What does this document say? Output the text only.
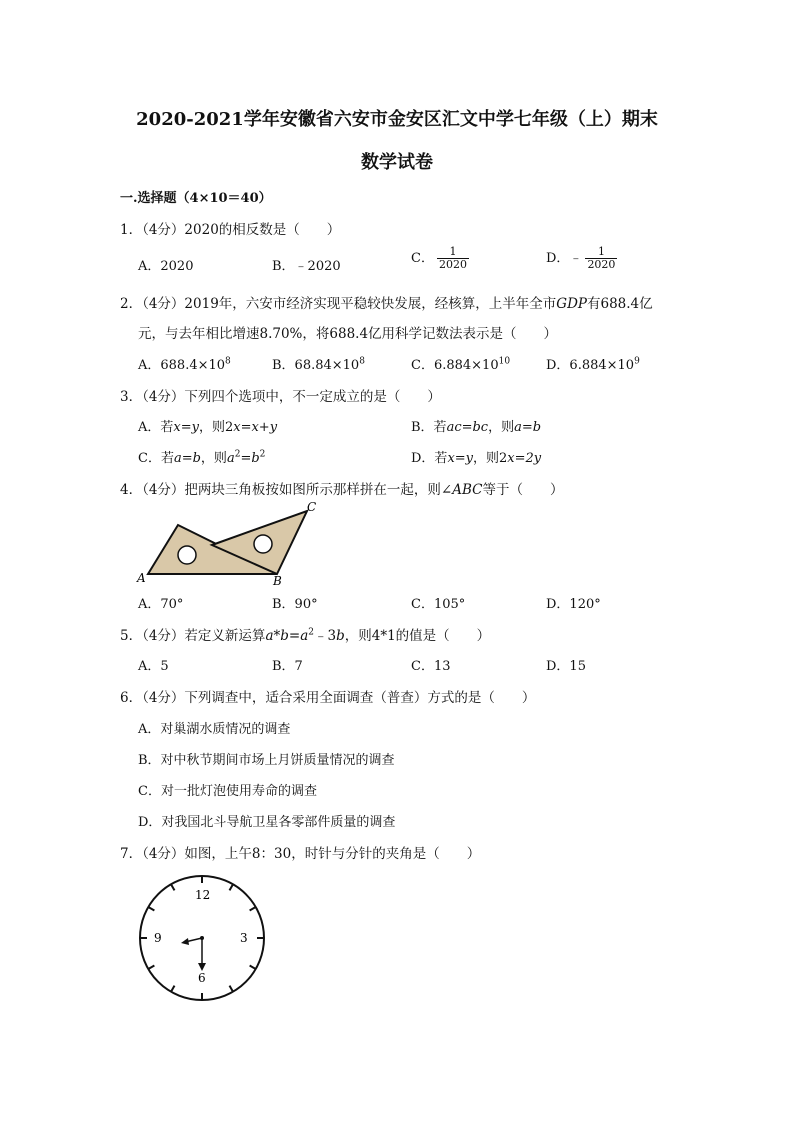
2020-2021学年安徽省六安市金安区汇文中学七年级（上）期末
数学试卷
一.选择题（4×10＝40）
1．（4分）2020的相反数是（　　）
A．2020	B．﹣2020
C． $\frac{1}{2020}$	D．﹣ $\frac{1}{2020}$
2．（4分）2019年，六安市经济实现平稳较快发展，经核算，上半年全市GDP有688.4亿
元，与去年相比增速8.70%，将688.4亿用科学记数法表示是（　　）
A．$688.4\times 10^8$	B．$68.84\times 10^8$	C．$6.884\times 10^{10}$	D．$6.884\times 10^9$
3．（4分）下列四个选项中，不一定成立的是（　　）
A．若x=y，则2x=x+y	B．若ac=bc，则a=b
C．若a=b，则$a^2=b^2$	D．若x=y，则2x=2y
4．（4分）把两块三角板按如图所示那样拼在一起，则∠ABC等于（　　）
A	B
C
A．70°	B．90°	C．105°	D．120°
5．（4分）若定义新运算$a*b=a^2﹣3b$，则4*1的值是（　　）
A．5	B．7	C．13	D．15
6．（4分）下列调查中，适合采用全面调查（普查）方式的是（　　）
A．对巢湖水质情况的调查
B．对中秋节期间市场上月饼质量情况的调查
C．对一批灯泡使用寿命的调查
D．对我国北斗导航卫星各零部件质量的调查
7．（4分）如图，上午8：30，时针与分针的夹角是（　　）
12
3
6
9
